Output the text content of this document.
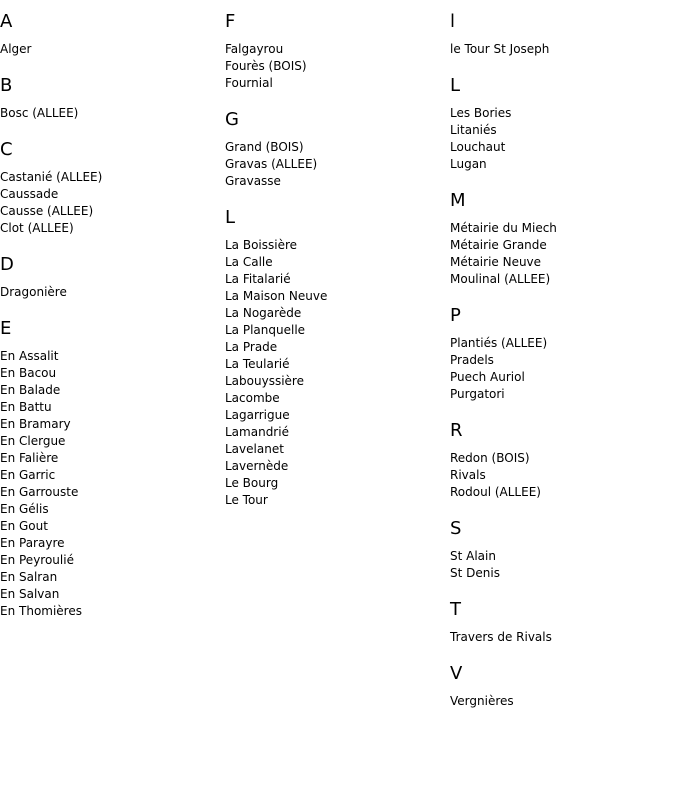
A
Alger
B
Bosc (ALLEE)
C
Castanié (ALLEE)
Caussade
Causse (ALLEE)
Clot (ALLEE)
D
Dragonière
E
En Assalit
En Bacou
En Balade
En Battu
En Bramary
En Clergue
En Falière
En Garric
En Garrouste
En Gélis
En Gout
En Parayre
En Peyroulié
En Salran
En Salvan
En Thomières
F
Falgayrou
Fourès (BOIS)
Fournial
G
Grand (BOIS)
Gravas (ALLEE)
Gravasse
L
La Boissière
La Calle
La Fitalarié
La Maison Neuve
La Nogarède
La Planquelle
La Prade
La Teularié
Labouyssière
Lacombe
Lagarrigue
Lamandrié
Lavelanet
Lavernède
Le Bourg
Le Tour
l
le Tour St Joseph
L
Les Bories
Litaniés
Louchaut
Lugan
M
Métairie du Miech
Métairie Grande
Métairie Neuve
Moulinal (ALLEE)
P
Plantiés (ALLEE)
Pradels
Puech Auriol
Purgatori
R
Redon (BOIS)
Rivals
Rodoul (ALLEE)
S
St Alain
St Denis
T
Travers de Rivals
V
Vergnières
